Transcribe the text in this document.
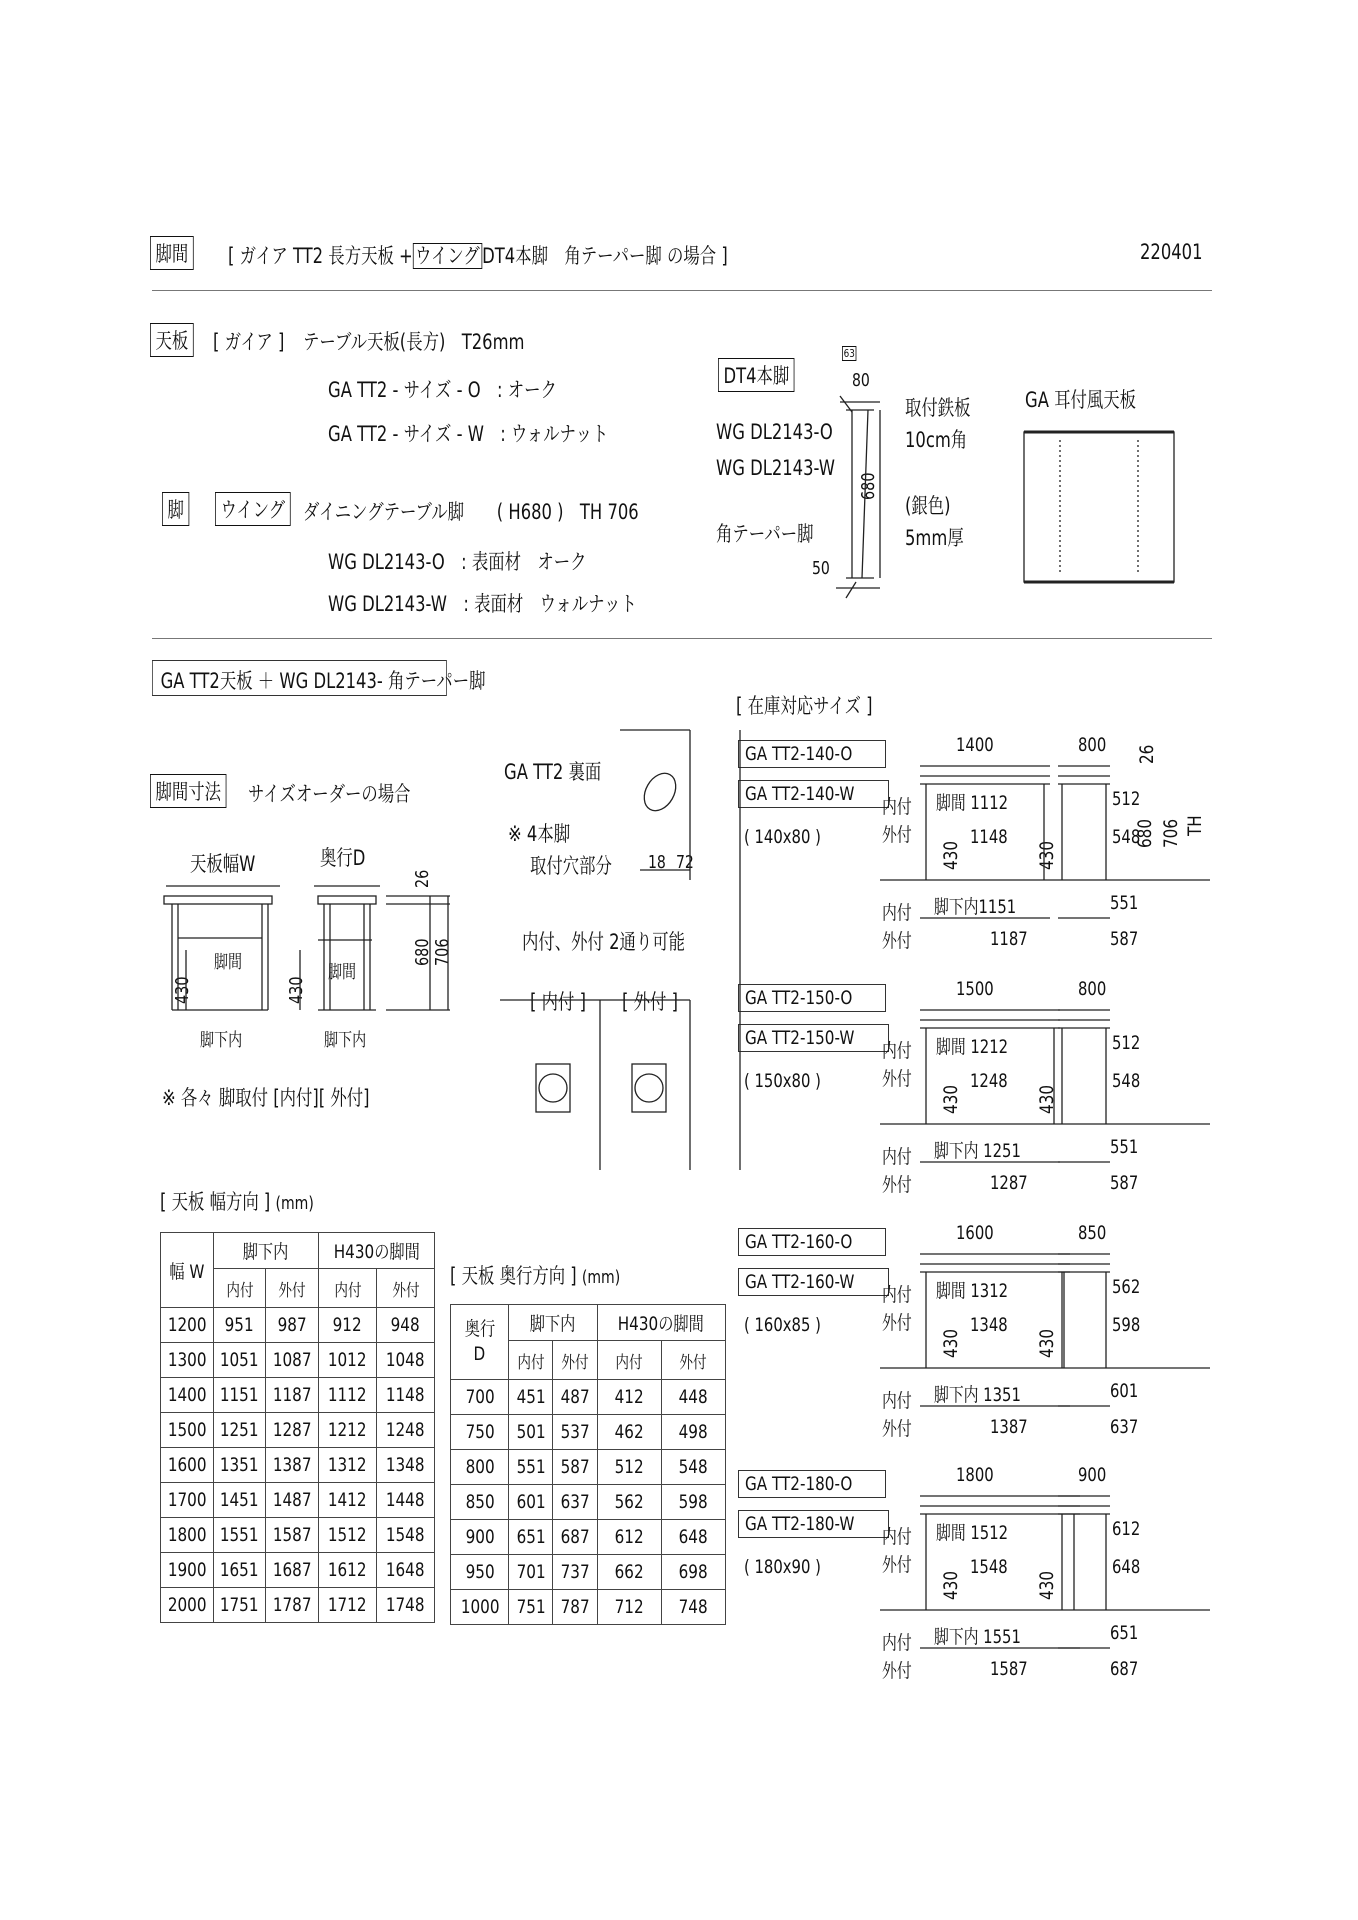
脚間 [ ガイア TT2 長方天板 + ウイング DT4本脚　角テーパー脚 の場合 ]	220401
天板 [ ガイア ] テーブル天板(長方)　T26mm
GA TT2 - サイズ - O　: オーク
GA TT2 - サイズ - W　: ウォルナット
脚 ウイング ダイニングテーブル脚　　( H680 )　TH 706
WG DL2143-O　: 表面材　オーク
WG DL2143-W　: 表面材　ウォルナット
DT4本脚
WG DL2143-O
WG DL2143-W
角テーパー脚
80
50
680
63
取付鉄板
10cm角
(銀色)
5mm厚
GA 耳付風天板
GA TT2天板 ＋ WG DL2143- 角テーパー脚
脚間寸法 サイズオーダーの場合
天板幅W	奥行D
脚間
脚下内
脚間
脚下内
430	430
26
680 706
※ 各々 脚取付 [内付][ 外付]
GA TT2 裏面
※ 4本脚
取付穴部分 18 72
内付、外付 2通り可能
[ 内付 ] [ 外付 ]
[ 在庫対応サイズ ]
GA TT2-140-O
GA TT2-140-W
( 140x80 )
内付
外付
1400
脚間 1112
1148
512
548
800
内付
外付
脚下内1151
1187
551
587
430	430
26
680 706 TH
GA TT2-150-O
GA TT2-150-W
( 150x80 )
内付
外付
1500
脚間 1212
1248
512
548
800
内付
外付
脚下内 1251
1287
551
587
430	430
GA TT2-160-O
GA TT2-160-W
( 160x85 )
内付
外付
1600
脚間 1312
1348
562
598
850
内付
外付
脚下内 1351
1387
601
637
430	430
GA TT2-180-O
GA TT2-180-W
( 180x90 )
内付
外付
1800
脚間 1512
1548
612
648
900
内付
外付
脚下内 1551
1587
651
687
430	430
[ 天板 幅方向 ] (mm)
幅 W	脚下内		H430の脚間	
	内付	外付	内付	外付
1200	951	987	912	948
1300	1051	1087	1012	1048
1400	1151	1187	1112	1148
1500	1251	1287	1212	1248
1600	1351	1387	1312	1348
1700	1451	1487	1412	1448
1800	1551	1587	1512	1548
1900	1651	1687	1612	1648
2000	1751	1787	1712	1748
[ 天板 奥行方向 ] (mm)
奥行
D	脚下内		H430の脚間	
	内付	外付	内付	外付
700	451	487	412	448
750	501	537	462	498
800	551	587	512	548
850	601	637	562	598
900	651	687	612	648
950	701	737	662	698
1000	751	787	712	748
